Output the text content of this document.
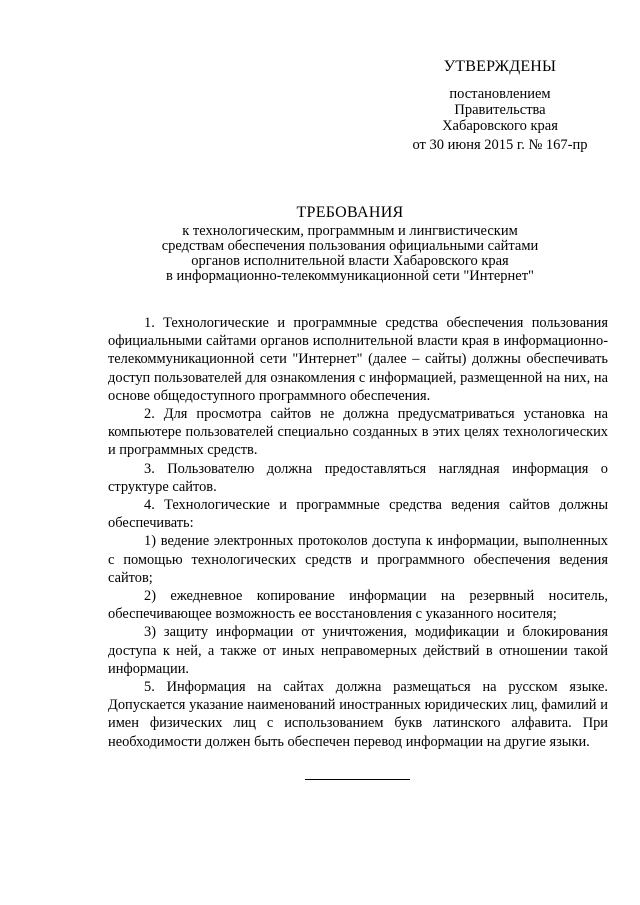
УТВЕРЖДЕНЫ
постановлением
Правительства
Хабаровского края
от 30 июня 2015 г. № 167-пр
ТРЕБОВАНИЯ
к технологическим, программным и лингвистическим
средствам обеспечения пользования официальными сайтами
органов исполнительной власти Хабаровского края
в информационно-телекоммуникационной сети "Интернет"

1. Технологические и программные средства обеспечения пользования официальными сайтами органов исполнительной власти края в информационно-телекоммуникационной сети "Интернет" (далее – сайты) должны обеспечивать доступ пользователей для ознакомления с информацией, размещенной на них, на основе общедоступного программного обеспечения.

2. Для просмотра сайтов не должна предусматриваться установка на компьютере пользователей специально созданных в этих целях технологических и программных средств.

3. Пользователю должна предоставляться наглядная информация о структуре сайтов.

4. Технологические и программные средства ведения сайтов должны обеспечивать:

1) ведение электронных протоколов доступа к информации, выполненных с помощью технологических средств и программного обеспечения ведения сайтов;

2) ежедневное копирование информации на резервный носитель, обеспечивающее возможность ее восстановления с указанного носителя;

3) защиту информации от уничтожения, модификации и блокирования доступа к ней, а также от иных неправомерных действий в отношении такой информации.

5. Информация на сайтах должна размещаться на русском языке. Допускается указание наименований иностранных юридических лиц, фамилий и имен физических лиц с использованием букв латинского алфавита. При необходимости должен быть обеспечен перевод информации на другие языки.
